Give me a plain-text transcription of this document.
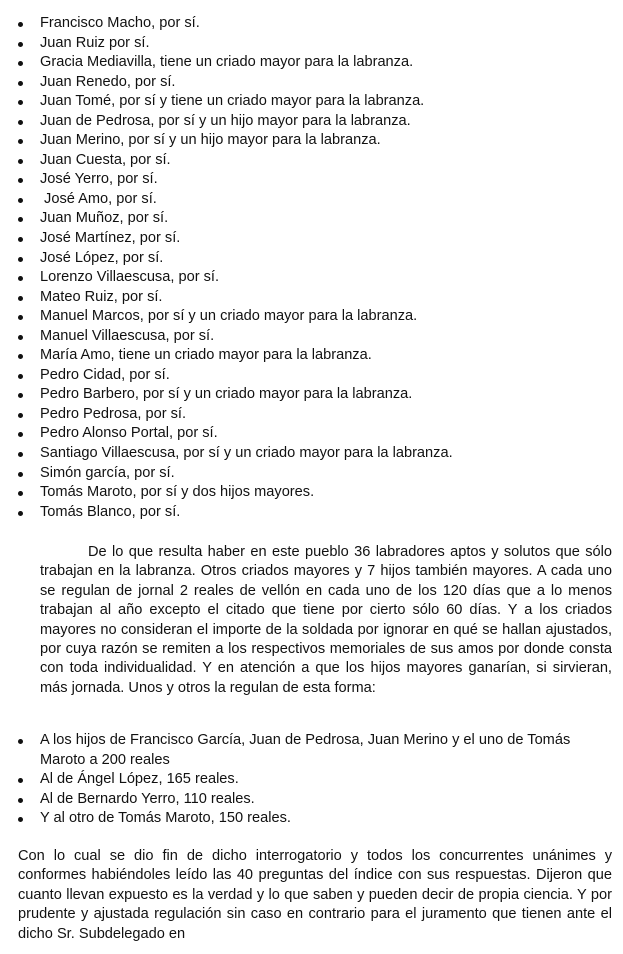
Francisco Macho, por sí.
Juan Ruiz por sí.
Gracia Mediavilla, tiene un criado mayor para la labranza.
Juan Renedo, por sí.
Juan Tomé, por sí y tiene un criado mayor para la labranza.
Juan de Pedrosa, por sí y un hijo mayor para la labranza.
Juan Merino, por sí y un hijo mayor para la labranza.
Juan Cuesta, por sí.
José Yerro, por sí.
José Amo, por sí.
Juan Muñoz, por sí.
José Martínez, por sí.
José López, por sí.
Lorenzo Villaescusa, por sí.
Mateo Ruiz, por sí.
Manuel Marcos, por sí y un criado mayor para la labranza.
Manuel Villaescusa, por sí.
María Amo, tiene un criado mayor para la labranza.
Pedro Cidad, por sí.
Pedro Barbero, por sí y un criado mayor para la labranza.
Pedro Pedrosa, por sí.
Pedro Alonso Portal, por sí.
Santiago Villaescusa, por sí y un criado mayor para la labranza.
Simón garcía, por sí.
Tomás Maroto, por sí y dos hijos mayores.
Tomás Blanco, por sí.

De lo que resulta haber en este pueblo 36 labradores aptos y solutos que sólo trabajan en la labranza. Otros criados mayores y 7 hijos también mayores. A cada uno se regulan de jornal 2 reales de vellón en cada uno de los 120 días que a lo menos trabajan al año excepto el citado que tiene por cierto sólo 60 días. Y a los criados mayores no consideran el importe de la soldada por ignorar en qué se hallan ajustados, por cuya razón se remiten a los respectivos memoriales de sus amos por donde consta con toda individualidad. Y en atención a que los hijos mayores ganarían, si sirvieran, más jornada. Unos y otros la regulan de esta forma:

A los hijos de Francisco García, Juan de Pedrosa, Juan Merino y el uno de Tomás Maroto a 200 reales
Al de Ángel López, 165 reales.
Al de Bernardo Yerro, 110 reales.
Y al otro de Tomás Maroto, 150 reales.

Con lo cual se dio fin de dicho interrogatorio y todos los concurrentes unánimes y conformes habiéndoles leído las 40 preguntas del índice con sus respuestas. Dijeron que cuanto llevan expuesto es la verdad y lo que saben y pueden decir de propia ciencia. Y por prudente y ajustada regulación sin caso en contrario para el juramento que tienen ante el dicho Sr. Subdelegado en
